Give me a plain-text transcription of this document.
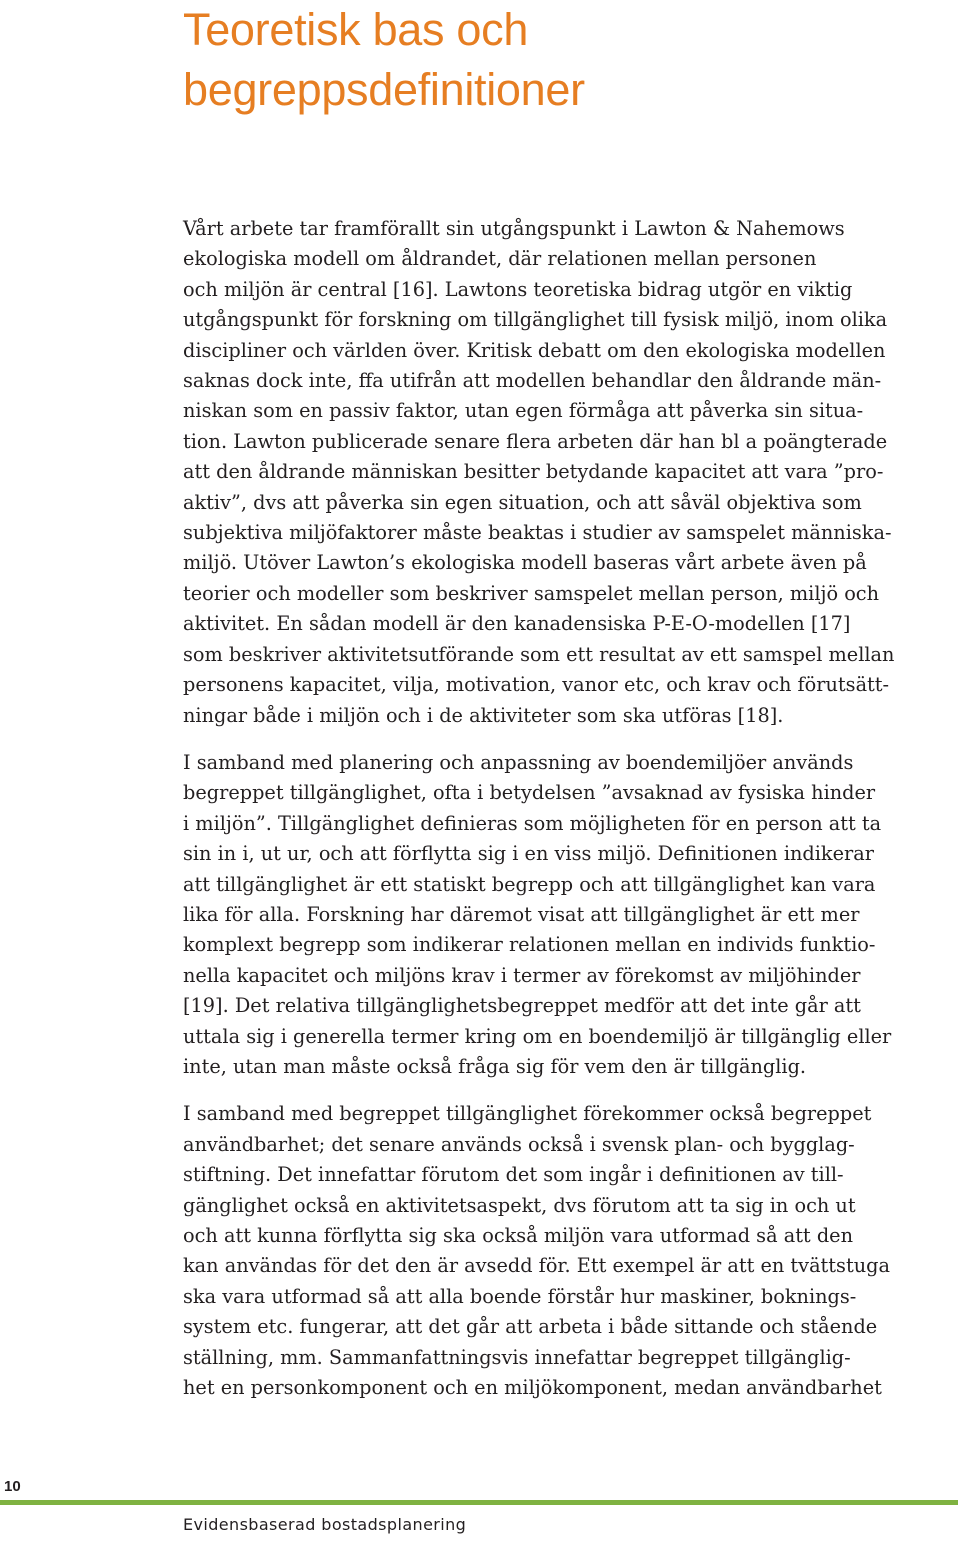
Teoretisk bas och
begreppsdefinitioner

Vårt arbete tar framförallt sin utgångspunkt i Lawton & Nahemows
ekologiska modell om åldrandet, där relationen mellan personen
och miljön är central [16]. Lawtons teoretiska bidrag utgör en viktig
utgångspunkt för forskning om tillgänglighet till fysisk miljö, inom olika
discipliner och världen över. Kritisk debatt om den ekologiska modellen
saknas dock inte, ffa utifrån att modellen behandlar den åldrande män-
niskan som en passiv faktor, utan egen förmåga att påverka sin situa-
tion. Lawton publicerade senare flera arbeten där han bl a poängterade
att den åldrande människan besitter betydande kapacitet att vara ”pro-
aktiv”, dvs att påverka sin egen situation, och att såväl objektiva som
subjektiva miljöfaktorer måste beaktas i studier av samspelet människa-
miljö. Utöver Lawton’s ekologiska modell baseras vårt arbete även på
teorier och modeller som beskriver samspelet mellan person, miljö och
aktivitet. En sådan modell är den kanadensiska P-E-O-modellen [17]
som beskriver aktivitetsutförande som ett resultat av ett samspel mellan
personens kapacitet, vilja, motivation, vanor etc, och krav och förutsätt-
ningar både i miljön och i de aktiviteter som ska utföras [18].

I samband med planering och anpassning av boendemiljöer används
begreppet tillgänglighet, ofta i betydelsen ”avsaknad av fysiska hinder
i miljön”. Tillgänglighet definieras som möjligheten för en person att ta
sin in i, ut ur, och att förflytta sig i en viss miljö. Definitionen indikerar
att tillgänglighet är ett statiskt begrepp och att tillgänglighet kan vara
lika för alla. Forskning har däremot visat att tillgänglighet är ett mer
komplext begrepp som indikerar relationen mellan en individs funktio-
nella kapacitet och miljöns krav i termer av förekomst av miljöhinder
[19]. Det relativa tillgänglighetsbegreppet medför att det inte går att
uttala sig i generella termer kring om en boendemiljö är tillgänglig eller
inte, utan man måste också fråga sig för vem den är tillgänglig.

I samband med begreppet tillgänglighet förekommer också begreppet
användbarhet; det senare används också i svensk plan- och bygglag-
stiftning. Det innefattar förutom det som ingår i definitionen av till-
gänglighet också en aktivitetsaspekt, dvs förutom att ta sig in och ut
och att kunna förflytta sig ska också miljön vara utformad så att den
kan användas för det den är avsedd för. Ett exempel är att en tvättstuga
ska vara utformad så att alla boende förstår hur maskiner, boknings-
system etc. fungerar, att det går att arbeta i både sittande och stående
ställning, mm. Sammanfattningsvis innefattar begreppet tillgänglig-
het en personkomponent och en miljökomponent, medan användbarhet

10
Evidensbaserad bostadsplanering
